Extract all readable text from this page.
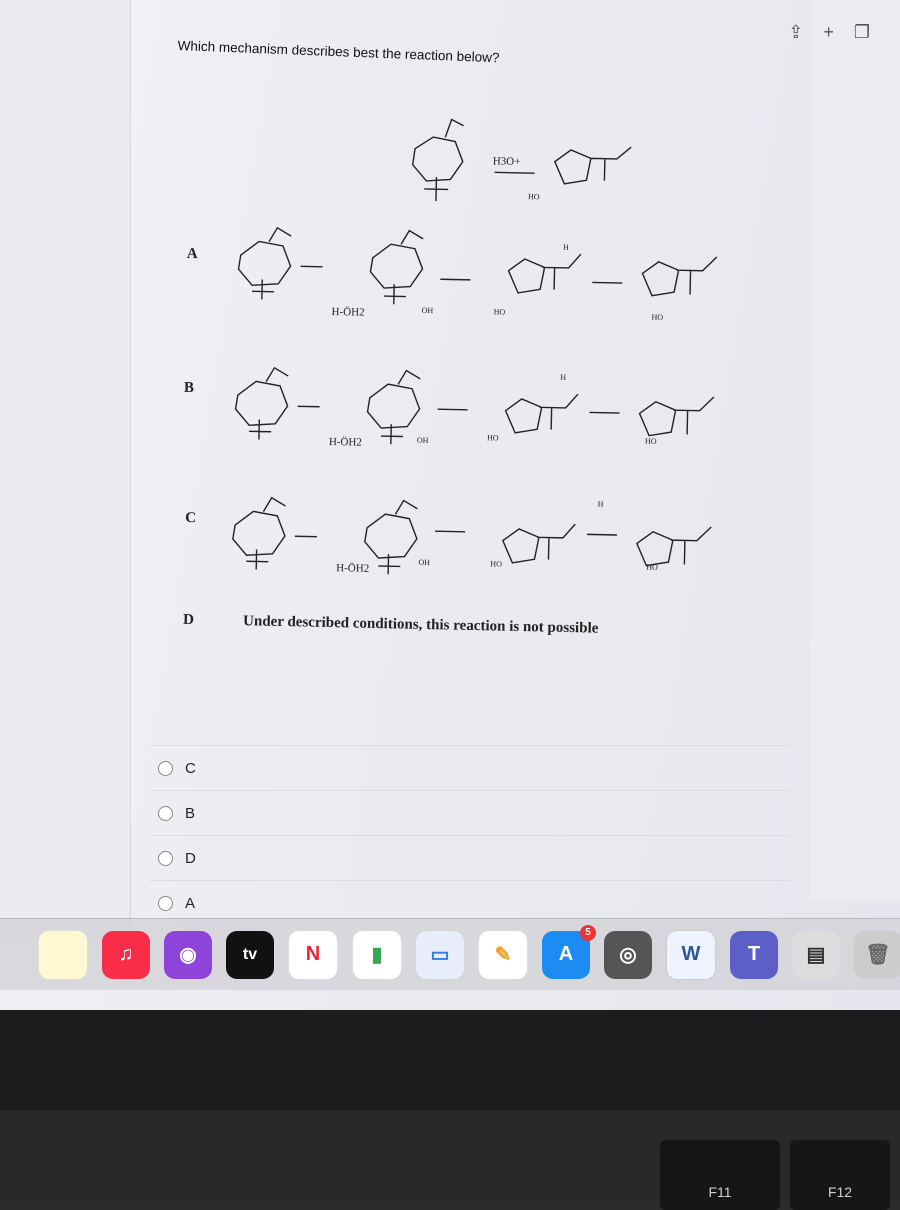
⇪ + ❐
Which mechanism describes best the reaction below?
H3O+
HO
H-ÖH2	OH	HO
H
HO
H-ÖH2	OH	HO
H
HO
H-ÖH2	OH	HO
H
HO
A
B
C
D	Under described conditions, this reaction is not possible
C
B
D
A
♫	◉	tv	N	▮	▭	✎	A
5
◎	W T	▤	🗑
F11	F12
